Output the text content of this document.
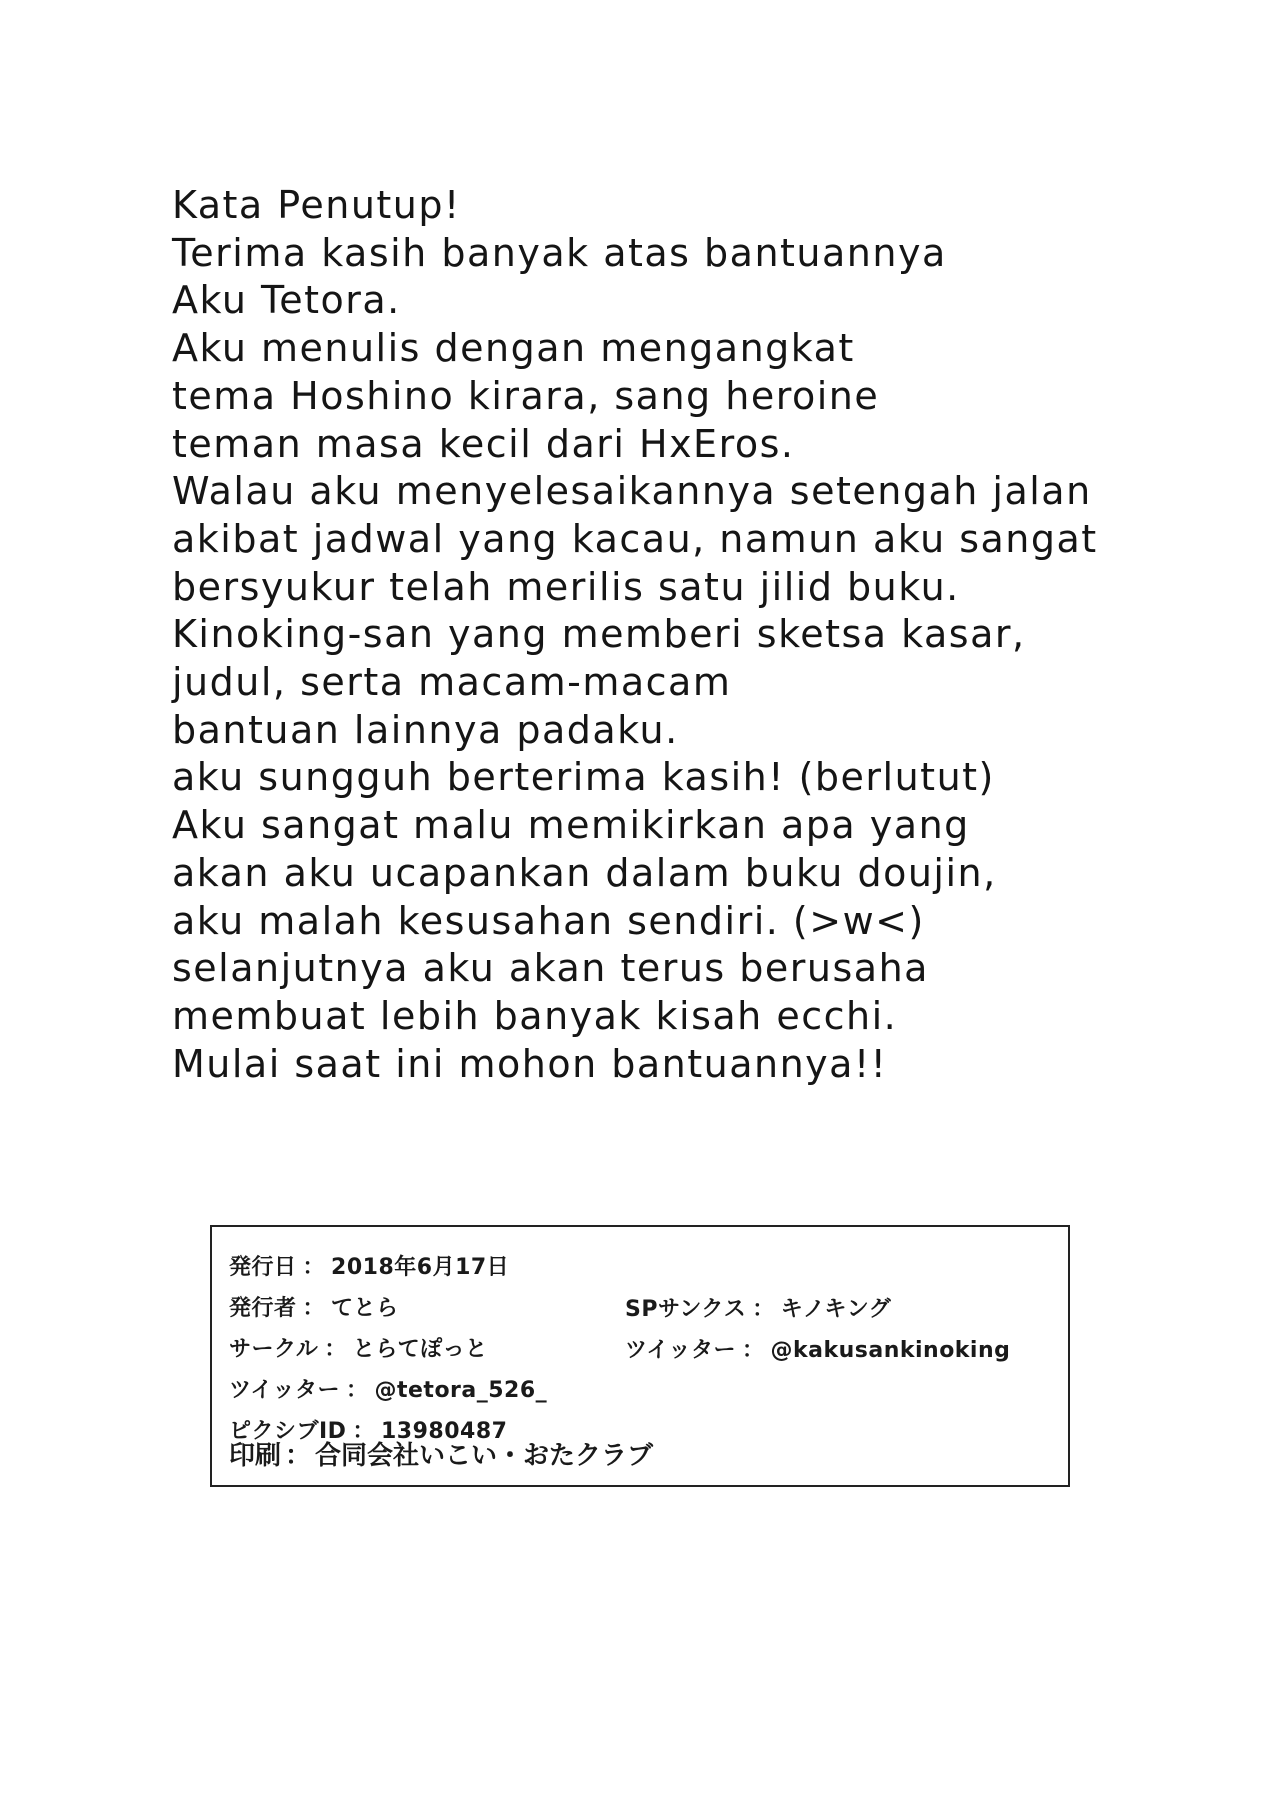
Kata Penutup!
Terima kasih banyak atas bantuannya
Aku Tetora.
Aku menulis dengan mengangkat
tema Hoshino kirara, sang heroine
teman masa kecil dari HxEros.
Walau aku menyelesaikannya setengah jalan
akibat jadwal yang kacau, namun aku sangat
bersyukur telah merilis satu jilid buku.
Kinoking-san yang memberi sketsa kasar,
judul, serta macam-macam
bantuan lainnya padaku.
aku sungguh berterima kasih! (berlutut)
Aku sangat malu memikirkan apa yang
akan aku ucapankan dalam buku doujin,
aku malah kesusahan sendiri. (>w<)
selanjutnya aku akan terus berusaha
membuat lebih banyak kisah ecchi.
Mulai saat ini mohon bantuannya!!
発行日 ： 2018年6月17日
発行者 ： てとら
サークル ： とらてぽっと
ツイッター ： @tetora_526_
ピクシブID ： 13980487
SPサンクス ： キノキング
ツイッター ： @kakusankinoking
印刷 ： 合同会社いこい・おたクラブ
